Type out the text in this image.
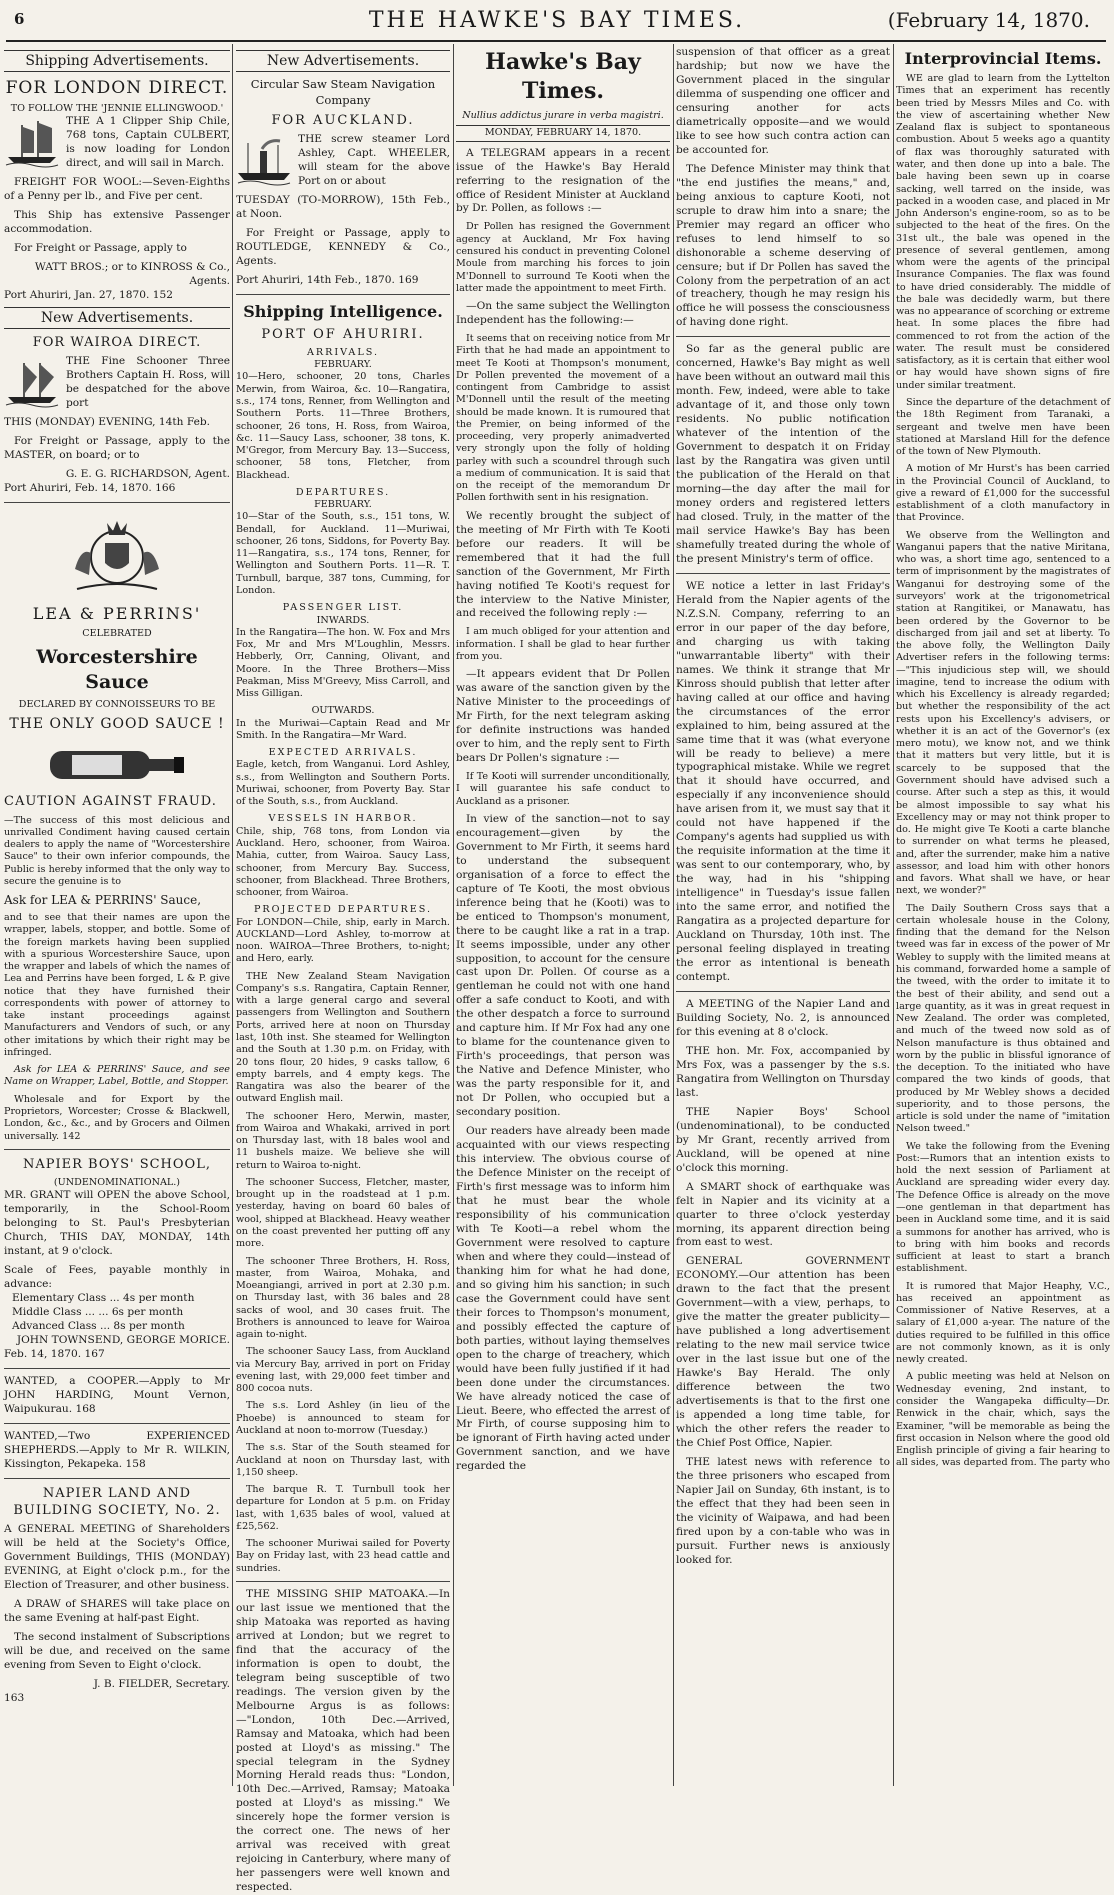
6	THE HAWKE'S BAY TIMES.	(February 14, 1870.
Shipping Advertisements.
FOR LONDON DIRECT.
TO FOLLOW THE 'JENNIE ELLINGWOOD.'

THE A 1 Clipper Ship Chile, 768 tons, Captain CULBERT, is now loading for London direct, and will sail in March.

FREIGHT FOR WOOL:—Seven-Eighths of a Penny per lb., and Five per cent.

This Ship has extensive Passenger accommodation.

For Freight or Passage, apply to

WATT BROS.; or to KINROSS & Co., Agents.
Port Ahuriri, Jan. 27, 1870. 152
New Advertisements.
FOR WAIROA DIRECT.

THE Fine Schooner Three Brothers Captain H. Ross, will be despatched for the above port

THIS (MONDAY) EVENING, 14th Feb.

For Freight or Passage, apply to the MASTER, on board; or to

G. E. G. RICHARDSON, Agent.
Port Ahuriri, Feb. 14, 1870. 166
LEA & PERRINS'
CELEBRATED
Worcestershire Sauce
DECLARED BY CONNOISSEURS TO BE
THE ONLY GOOD SAUCE !
CAUTION AGAINST FRAUD.

—The success of this most delicious and unrivalled Condiment having caused certain dealers to apply the name of "Worcestershire Sauce" to their own inferior compounds, the Public is hereby informed that the only way to secure the genuine is to

Ask for LEA & PERRINS' Sauce,

and to see that their names are upon the wrapper, labels, stopper, and bottle. Some of the foreign markets having been supplied with a spurious Worcestershire Sauce, upon the wrapper and labels of which the names of Lea and Perrins have been forged, L & P. give notice that they have furnished their correspondents with power of attorney to take instant proceedings against Manufacturers and Vendors of such, or any other imitations by which their right may be infringed.

Ask for LEA & PERRINS' Sauce, and see Name on Wrapper, Label, Bottle, and Stopper.

Wholesale and for Export by the Proprietors, Worcester; Crosse & Blackwell, London, &c., &c., and by Grocers and Oilmen universally. 142

NAPIER BOYS' SCHOOL,
(UNDENOMINATIONAL.)

MR. GRANT will OPEN the above School, temporarily, in the School-Room belonging to St. Paul's Presbyterian Church, THIS DAY, MONDAY, 14th instant, at 9 o'clock.

Scale of Fees, payable monthly in advance:
Elementary Class ... 4s per month
Middle Class ... ... 6s per month
Advanced Class ... 8s per month
JOHN TOWNSEND, GEORGE MORICE.
Feb. 14, 1870. 167

WANTED, a COOPER.—Apply to Mr JOHN HARDING, Mount Vernon, Waipukurau. 168

WANTED,—Two EXPERIENCED SHEPHERDS.—Apply to Mr R. WILKIN, Kissington, Pekapeka. 158

NAPIER LAND AND BUILDING SOCIETY, No. 2.

A GENERAL MEETING of Shareholders will be held at the Society's Office, Government Buildings, THIS (MONDAY) EVENING, at Eight o'clock p.m., for the Election of Treasurer, and other business.

A DRAW of SHARES will take place on the same Evening at half-past Eight.

The second instalment of Subscriptions will be due, and received on the same evening from Seven to Eight o'clock.

J. B. FIELDER, Secretary.
163
New Advertisements.
Circular Saw Steam Navigation Company
FOR AUCKLAND.

THE screw steamer Lord Ashley, Capt. WHEELER, will steam for the above Port on or about

TUESDAY (TO-MORROW), 15th Feb., at Noon.

For Freight or Passage, apply to ROUTLEDGE, KENNEDY & Co., Agents.

Port Ahuriri, 14th Feb., 1870. 169
Shipping Intelligence.
PORT OF AHURIRI.
ARRIVALS.
FEBRUARY.

10—Hero, schooner, 20 tons, Charles Merwin, from Wairoa, &c. 10—Rangatira, s.s., 174 tons, Renner, from Wellington and Southern Ports. 11—Three Brothers, schooner, 26 tons, H. Ross, from Wairoa, &c. 11—Saucy Lass, schooner, 38 tons, K. M'Gregor, from Mercury Bay. 13—Success, schooner, 58 tons, Fletcher, from Blackhead.

DEPARTURES.
FEBRUARY.

10—Star of the South, s.s., 151 tons, W. Bendall, for Auckland. 11—Muriwai, schooner, 26 tons, Siddons, for Poverty Bay. 11—Rangatira, s.s., 174 tons, Renner, for Wellington and Southern Ports. 11—R. T. Turnbull, barque, 387 tons, Cumming, for London.

PASSENGER LIST.
INWARDS.

In the Rangatira—The hon. W. Fox and Mrs Fox, Mr and Mrs M'Loughlin, Messrs. Hebberly, Orr, Canning, Olivant, and Moore. In the Three Brothers—Miss Peakman, Miss M'Greevy, Miss Carroll, and Miss Gilligan.

OUTWARDS.

In the Muriwai—Captain Read and Mr Smith. In the Rangatira—Mr Ward.

EXPECTED ARRIVALS.

Eagle, ketch, from Wanganui. Lord Ashley, s.s., from Wellington and Southern Ports. Muriwai, schooner, from Poverty Bay. Star of the South, s.s., from Auckland.

VESSELS IN HARBOR.

Chile, ship, 768 tons, from London via Auckland. Hero, schooner, from Wairoa. Mahia, cutter, from Wairoa. Saucy Lass, schooner, from Mercury Bay. Success, schooner, from Blackhead. Three Brothers, schooner, from Wairoa.

PROJECTED DEPARTURES.

For LONDON—Chile, ship, early in March. AUCKLAND—Lord Ashley, to-morrow at noon. WAIROA—Three Brothers, to-night; and Hero, early.

THE New Zealand Steam Navigation Company's s.s. Rangatira, Captain Renner, with a large general cargo and several passengers from Wellington and Southern Ports, arrived here at noon on Thursday last, 10th inst. She steamed for Wellington and the South at 1.30 p.m. on Friday, with 20 tons flour, 20 hides, 9 casks tallow, 6 empty barrels, and 4 empty kegs. The Rangatira was also the bearer of the outward English mail.

The schooner Hero, Merwin, master, from Wairoa and Whakaki, arrived in port on Thursday last, with 18 bales wool and 11 bushels maize. We believe she will return to Wairoa to-night.

The schooner Success, Fletcher, master, brought up in the roadstead at 1 p.m. yesterday, having on board 60 bales of wool, shipped at Blackhead. Heavy weather on the coast prevented her putting off any more.

The schooner Three Brothers, H. Ross, master, from Wairoa, Mohaka, and Moeangiangi, arrived in port at 2.30 p.m. on Thursday last, with 36 bales and 28 sacks of wool, and 30 cases fruit. The Brothers is announced to leave for Wairoa again to-night.

The schooner Saucy Lass, from Auckland via Mercury Bay, arrived in port on Friday evening last, with 29,000 feet timber and 800 cocoa nuts.

The s.s. Lord Ashley (in lieu of the Phoebe) is announced to steam for Auckland at noon to-morrow (Tuesday.)

The s.s. Star of the South steamed for Auckland at noon on Thursday last, with 1,150 sheep.

The barque R. T. Turnbull took her departure for London at 5 p.m. on Friday last, with 1,635 bales of wool, valued at £25,562.

The schooner Muriwai sailed for Poverty Bay on Friday last, with 23 head cattle and sundries.

THE MISSING SHIP MATOAKA.—In our last issue we mentioned that the ship Matoaka was reported as having arrived at London; but we regret to find that the accuracy of the information is open to doubt, the telegram being susceptible of two readings. The version given by the Melbourne Argus is as follows:—"London, 10th Dec.—Arrived, Ramsay and Matoaka, which had been posted at Lloyd's as missing." The special telegram in the Sydney Morning Herald reads thus: "London, 10th Dec.—Arrived, Ramsay; Matoaka posted at Lloyd's as missing." We sincerely hope the former version is the correct one. The news of her arrival was received with great rejoicing in Canterbury, where many of her passengers were well known and respected.

Hawke's Bay Times.
Nullius addictus jurare in verba magistri.
MONDAY, FEBRUARY 14, 1870.

A TELEGRAM appears in a recent issue of the Hawke's Bay Herald referring to the resignation of the office of Resident Minister at Auckland by Dr. Pollen, as follows :—

Dr Pollen has resigned the Government agency at Auckland, Mr Fox having censured his conduct in preventing Colonel Moule from marching his forces to join M'Donnell to surround Te Kooti when the latter made the appointment to meet Firth.

—On the same subject the Wellington Independent has the following:—

It seems that on receiving notice from Mr Firth that he had made an appointment to meet Te Kooti at Thompson's monument, Dr Pollen prevented the movement of a contingent from Cambridge to assist M'Donnell until the result of the meeting should be made known. It is rumoured that the Premier, on being informed of the proceeding, very properly animadverted very strongly upon the folly of holding parley with such a scoundrel through such a medium of communication. It is said that on the receipt of the memorandum Dr Pollen forthwith sent in his resignation.

We recently brought the subject of the meeting of Mr Firth with Te Kooti before our readers. It will be remembered that it had the full sanction of the Government, Mr Firth having notified Te Kooti's request for the interview to the Native Minister, and received the following reply :—

I am much obliged for your attention and information. I shall be glad to hear further from you.

—It appears evident that Dr Pollen was aware of the sanction given by the Native Minister to the proceedings of Mr Firth, for the next telegram asking for definite instructions was handed over to him, and the reply sent to Firth bears Dr Pollen's signature :—

If Te Kooti will surrender unconditionally, I will guarantee his safe conduct to Auckland as a prisoner.

In view of the sanction—not to say encouragement—given by the Government to Mr Firth, it seems hard to understand the subsequent organisation of a force to effect the capture of Te Kooti, the most obvious inference being that he (Kooti) was to be enticed to Thompson's monument, there to be caught like a rat in a trap. It seems impossible, under any other supposition, to account for the censure cast upon Dr. Pollen. Of course as a gentleman he could not with one hand offer a safe conduct to Kooti, and with the other despatch a force to surround and capture him. If Mr Fox had any one to blame for the countenance given to Firth's proceedings, that person was the Native and Defence Minister, who was the party responsible for it, and not Dr Pollen, who occupied but a secondary position.

Our readers have already been made acquainted with our views respecting this interview. The obvious course of the Defence Minister on the receipt of Firth's first message was to inform him that he must bear the whole responsibility of his communication with Te Kooti—a rebel whom the Government were resolved to capture when and where they could—instead of thanking him for what he had done, and so giving him his sanction; in such case the Government could have sent their forces to Thompson's monument, and possibly effected the capture of both parties, without laying themselves open to the charge of treachery, which would have been fully justified if it had been done under the circumstances. We have already noticed the case of Lieut. Beere, who effected the arrest of Mr Firth, of course supposing him to be ignorant of Firth having acted under Government sanction, and we have regarded the

suspension of that officer as a great hardship; but now we have the Government placed in the singular dilemma of suspending one officer and censuring another for acts diametrically opposite—and we would like to see how such contra action can be accounted for.

The Defence Minister may think that "the end justifies the means," and, being anxious to capture Kooti, not scruple to draw him into a snare; the Premier may regard an officer who refuses to lend himself to so dishonorable a scheme deserving of censure; but if Dr Pollen has saved the Colony from the perpetration of an act of treachery, though he may resign his office he will possess the consciousness of having done right.

So far as the general public are concerned, Hawke's Bay might as well have been without an outward mail this month. Few, indeed, were able to take advantage of it, and those only town residents. No public notification whatever of the intention of the Government to despatch it on Friday last by the Rangatira was given until the publication of the Herald on that morning—the day after the mail for money orders and registered letters had closed. Truly, in the matter of the mail service Hawke's Bay has been shamefully treated during the whole of the present Ministry's term of office.

WE notice a letter in last Friday's Herald from the Napier agents of the N.Z.S.N. Company, referring to an error in our paper of the day before, and charging us with taking "unwarrantable liberty" with their names. We think it strange that Mr Kinross should publish that letter after having called at our office and having the circumstances of the error explained to him, being assured at the same time that it was (what everyone will be ready to believe) a mere typographical mistake. While we regret that it should have occurred, and especially if any inconvenience should have arisen from it, we must say that it could not have happened if the Company's agents had supplied us with the requisite information at the time it was sent to our contemporary, who, by the way, had in his "shipping intelligence" in Tuesday's issue fallen into the same error, and notified the Rangatira as a projected departure for Auckland on Thursday, 10th inst. The personal feeling displayed in treating the error as intentional is beneath contempt.

A MEETING of the Napier Land and Building Society, No. 2, is announced for this evening at 8 o'clock.

THE hon. Mr. Fox, accompanied by Mrs Fox, was a passenger by the s.s. Rangatira from Wellington on Thursday last.

THE Napier Boys' School (undenominational), to be conducted by Mr Grant, recently arrived from Auckland, will be opened at nine o'clock this morning.

A SMART shock of earthquake was felt in Napier and its vicinity at a quarter to three o'clock yesterday morning, its apparent direction being from east to west.

GENERAL GOVERNMENT ECONOMY.—Our attention has been drawn to the fact that the present Government—with a view, perhaps, to give the matter the greater publicity—have published a long advertisement relating to the new mail service twice over in the last issue but one of the Hawke's Bay Herald. The only difference between the two advertisements is that to the first one is appended a long time table, for which the other refers the reader to the Chief Post Office, Napier.

THE latest news with reference to the three prisoners who escaped from Napier Jail on Sunday, 6th instant, is to the effect that they had been seen in the vicinity of Waipawa, and had been fired upon by a con-table who was in pursuit. Further news is anxiously looked for.

Interprovincial Items.

WE are glad to learn from the Lyttelton Times that an experiment has recently been tried by Messrs Miles and Co. with the view of ascertaining whether New Zealand flax is subject to spontaneous combustion. About 5 weeks ago a quantity of flax was thoroughly saturated with water, and then done up into a bale. The bale having been sewn up in coarse sacking, well tarred on the inside, was packed in a wooden case, and placed in Mr John Anderson's engine-room, so as to be subjected to the heat of the fires. On the 31st ult., the bale was opened in the presence of several gentlemen, among whom were the agents of the principal Insurance Companies. The flax was found to have dried considerably. The middle of the bale was decidedly warm, but there was no appearance of scorching or extreme heat. In some places the fibre had commenced to rot from the action of the water. The result must be considered satisfactory, as it is certain that either wool or hay would have shown signs of fire under similar treatment.

Since the departure of the detachment of the 18th Regiment from Taranaki, a sergeant and twelve men have been stationed at Marsland Hill for the defence of the town of New Plymouth.

A motion of Mr Hurst's has been carried in the Provincial Council of Auckland, to give a reward of £1,000 for the successful establishment of a cloth manufactory in that Province.

We observe from the Wellington and Wanganui papers that the native Miritana, who was, a short time ago, sentenced to a term of imprisonment by the magistrates of Wanganui for destroying some of the surveyors' work at the trigonometrical station at Rangitikei, or Manawatu, has been ordered by the Governor to be discharged from jail and set at liberty. To the above folly, the Wellington Daily Advertiser refers in the following terms:—"This injudicious step will, we should imagine, tend to increase the odium with which his Excellency is already regarded; but whether the responsibility of the act rests upon his Excellency's advisers, or whether it is an act of the Governor's (ex mero motu), we know not, and we think that it matters but very little, but it is scarcely to be supposed that the Government should have advised such a course. After such a step as this, it would be almost impossible to say what his Excellency may or may not think proper to do. He might give Te Kooti a carte blanche to surrender on what terms he pleased, and, after the surrender, make him a native assessor, and load him with other honors and favors. What shall we have, or hear next, we wonder?"

The Daily Southern Cross says that a certain wholesale house in the Colony, finding that the demand for the Nelson tweed was far in excess of the power of Mr Webley to supply with the limited means at his command, forwarded home a sample of the tweed, with the order to imitate it to the best of their ability, and send out a large quantity, as it was in great request in New Zealand. The order was completed, and much of the tweed now sold as of Nelson manufacture is thus obtained and worn by the public in blissful ignorance of the deception. To the initiated who have compared the two kinds of goods, that produced by Mr Webley shows a decided superiority, and to those persons, the article is sold under the name of "imitation Nelson tweed."

We take the following from the Evening Post:—Rumors that an intention exists to hold the next session of Parliament at Auckland are spreading wider every day. The Defence Office is already on the move—one gentleman in that department has been in Auckland some time, and it is said a summons for another has arrived, who is to bring with him books and records sufficient at least to start a branch establishment.

It is rumored that Major Heaphy, V.C., has received an appointment as Commissioner of Native Reserves, at a salary of £1,000 a-year. The nature of the duties required to be fulfilled in this office are not commonly known, as it is only newly created.

A public meeting was held at Nelson on Wednesday evening, 2nd instant, to consider the Wangapeka difficulty—Dr. Renwick in the chair, which, says the Examiner, "will be memorable as being the first occasion in Nelson where the good old English principle of giving a fair hearing to all sides, was departed from. The party who
